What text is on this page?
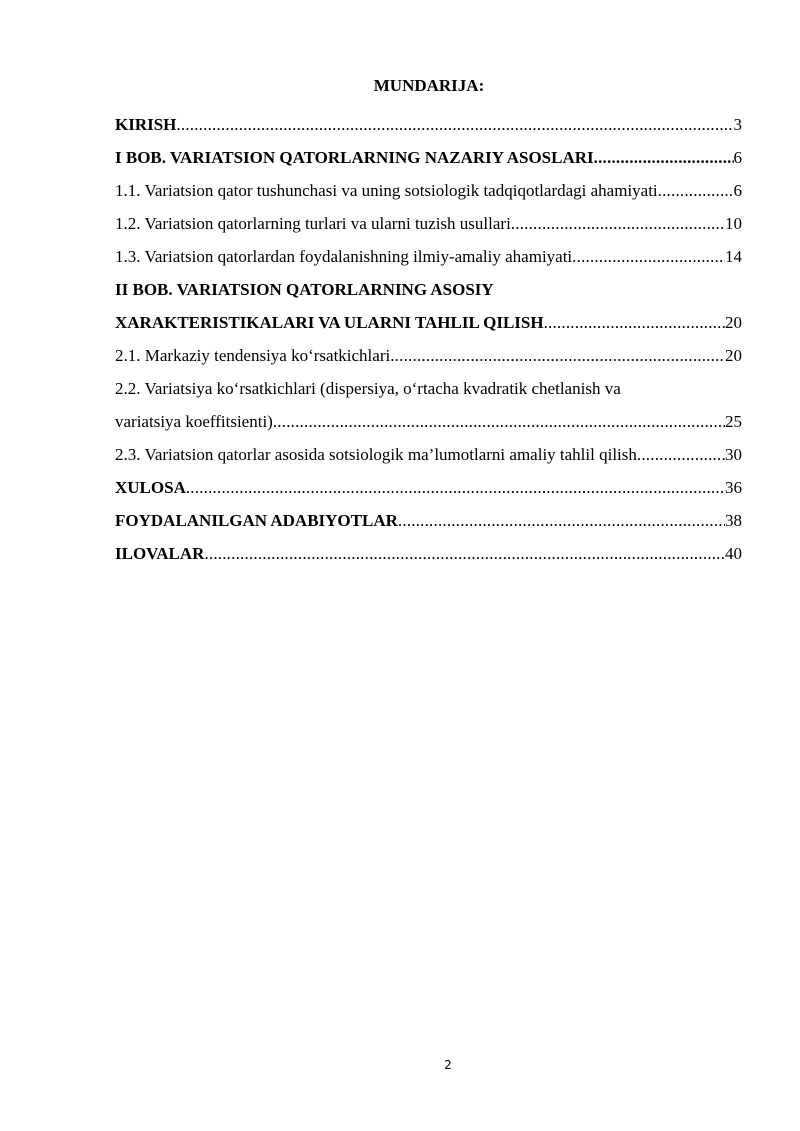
MUNDARIJA:
KIRISH .....	3
I BOB. VARIATSION QATORLARNING NAZARIY ASOSLARI .....	6
1.1. Variatsion qator tushunchasi va uning sotsiologik tadqiqotlardagi ahamiyati .....	6
1.2. Variatsion qatorlarning turlari va ularni tuzish usullari .....	10
1.3. Variatsion qatorlardan foydalanishning ilmiy-amaliy ahamiyati .....	14
II BOB. VARIATSION QATORLARNING ASOSIY
XARAKTERISTIKALARI VA ULARNI TAHLIL QILISH .....	20
2.1. Markaziy tendensiya ko‘rsatkichlari .....	20
2.2. Variatsiya ko‘rsatkichlari (dispersiya, o‘rtacha kvadratik chetlanish va
variatsiya koeffitsienti) .....	25
2.3. Variatsion qatorlar asosida sotsiologik ma’lumotlarni amaliy tahlil qilish .....	30
XULOSA .....	36
FOYDALANILGAN ADABIYOTLAR .....	38
ILOVALAR .....	40
2
